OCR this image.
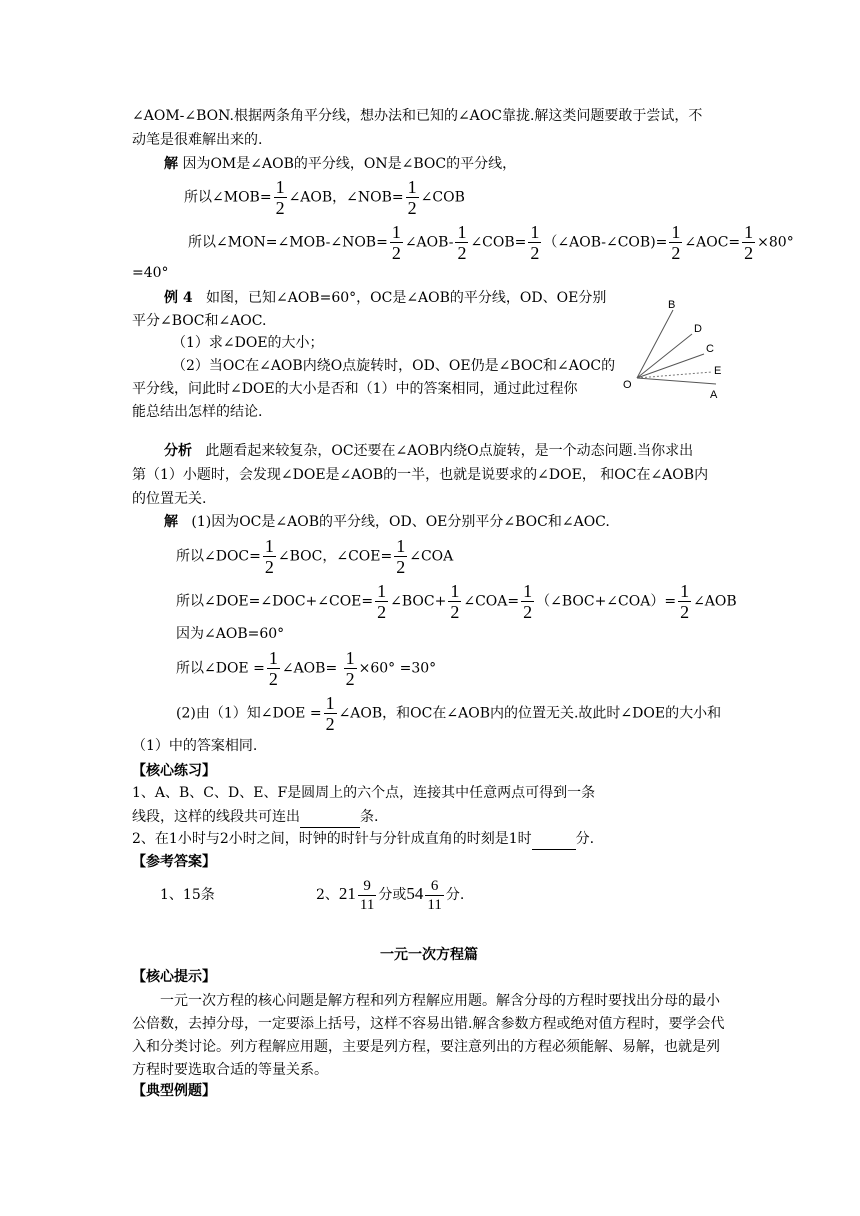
∠AOM-∠BON.根据两条角平分线，想办法和已知的∠AOC靠拢.解这类问题要敢于尝试，不
动笔是很难解出来的.
解 因为OM是∠AOB的平分线，ON是∠BOC的平分线，
所以∠MOB= $\frac{1}{2}$ ∠AOB，∠NOB= $\frac{1}{2}$ ∠COB
所以∠MON=∠MOB-∠NOB= $\frac{1}{2}$ ∠AOB- $\frac{1}{2}$ ∠COB= $\frac{1}{2}$ （∠AOB-∠COB)= $\frac{1}{2}$ ∠AOC= $\frac{1}{2} \times 80^\circ$
=40°
例 4 如图，已知∠AOB=60°，OC是∠AOB的平分线，OD、OE分别
平分∠BOC和∠AOC.
（1）求∠DOE的大小；
（2）当OC在∠AOB内绕O点旋转时，OD、OE仍是∠BOC和∠AOC的
平分线，问此时∠DOE的大小是否和（1）中的答案相同，通过此过程你
能总结出怎样的结论.
B
D
C
E
O
A
分析 此题看起来较复杂，OC还要在∠AOB内绕O点旋转，是一个动态问题.当你求出
第（1）小题时，会发现∠DOE是∠AOB的一半，也就是说要求的∠DOE， 和OC在∠AOB内
的位置无关.
解 (1)因为OC是∠AOB的平分线，OD、OE分别平分∠BOC和∠AOC.
所以∠DOC= $\frac{1}{2}$ ∠BOC，∠COE= $\frac{1}{2}$ ∠COA
所以∠DOE=∠DOC+∠COE= $\frac{1}{2}$ ∠BOC+ $\frac{1}{2}$ ∠COA= $\frac{1}{2}$ （∠BOC+∠COA）= $\frac{1}{2}$ ∠AOB
因为∠AOB=60°
所以∠DOE = $\frac{1}{2}$ ∠AOB= $\frac{1}{2} \times 60^\circ =30^\circ$
(2)由（1）知∠DOE = $\frac{1}{2}$ ∠AOB，和OC在∠AOB内的位置无关.故此时∠DOE的大小和
（1）中的答案相同.
【核心练习】
1、A、B、C、D、E、F是圆周上的六个点，连接其中任意两点可得到一条
线段，这样的线段共可连出	条.
2、在1小时与2小时之间，时钟的时针与分针成直角的时刻是1时	分.
【参考答案】
1、15条	2、$21 \frac{9}{11}$ 分或$54 \frac{6}{11}$ 分.
一元一次方程篇
【核心提示】
一元一次方程的核心问题是解方程和列方程解应用题。解含分母的方程时要找出分母的最小公倍数，去掉分母，一定要添上括号，这样不容易出错.解含参数方程或绝对值方程时，要学会代入和分类讨论。列方程解应用题，主要是列方程，要注意列出的方程必须能解、易解，也就是列方程时要选取合适的等量关系。
【典型例题】
